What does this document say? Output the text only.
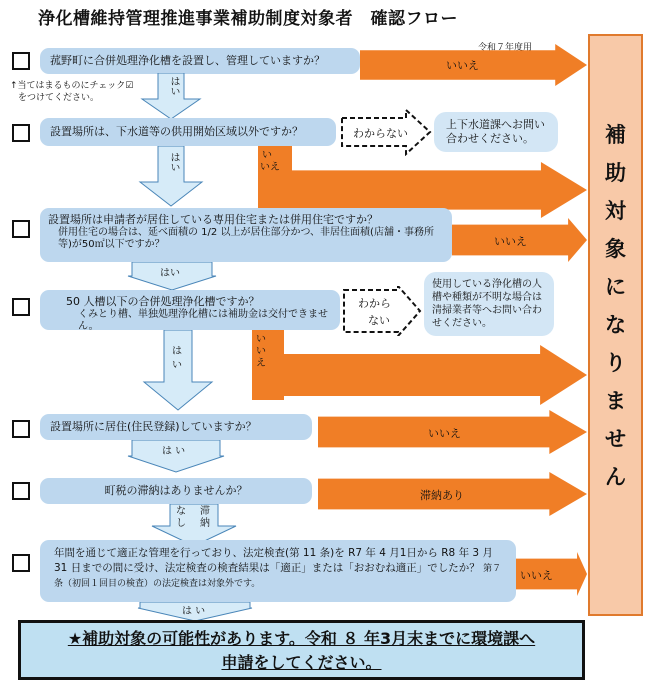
浄化槽維持管理推進事業補助制度対象者　確認フロー
令和７年度用
補
助
対
象
に
な
り
ま
せ
ん
菰野町に合併処理浄化槽を設置し、管理していますか？	いいえ
↑当てはまるものにチェック☑
をつけてください。
はい
設置場所は、下水道等の供用開始区域以外ですか？	わからない
上下水道課へお問い合わせください。
い
いえ
はい
設置場所は申請者が居住している専用住宅または併用住宅ですか？
併用住宅の場合は、延べ面積の 1/2 以上が居住部分かつ、非居住面積(店舗・事務所等)が50㎡以下ですか？	いいえ
はい
50 人槽以下の合併処理浄化槽ですか？
くみとり槽、単独処理浄化槽には補助金は交付できません。
わから
ない
使用している浄化槽の人槽や種類が不明な場合は清掃業者等へお問い合わせください。
い
い
え
は
い
設置場所に居住(住民登録)していますか？
いいえ
は い
町税の滞納はありませんか？	滞納あり
な
し
滞
納
年間を通じて適正な管理を行っており、法定検査(第 11 条)を R7 年 4 月1日から R8 年 3 月 31 日までの間に受け、法定検査の検査結果は「適正」または「おおむね適正」でしたか？ 第７条（初回１回目の検査）の法定検査は対象外です。
いいえ
は い
★補助対象の可能性があります。令和 ８ 年3月末までに環境課へ
申請をしてください。
